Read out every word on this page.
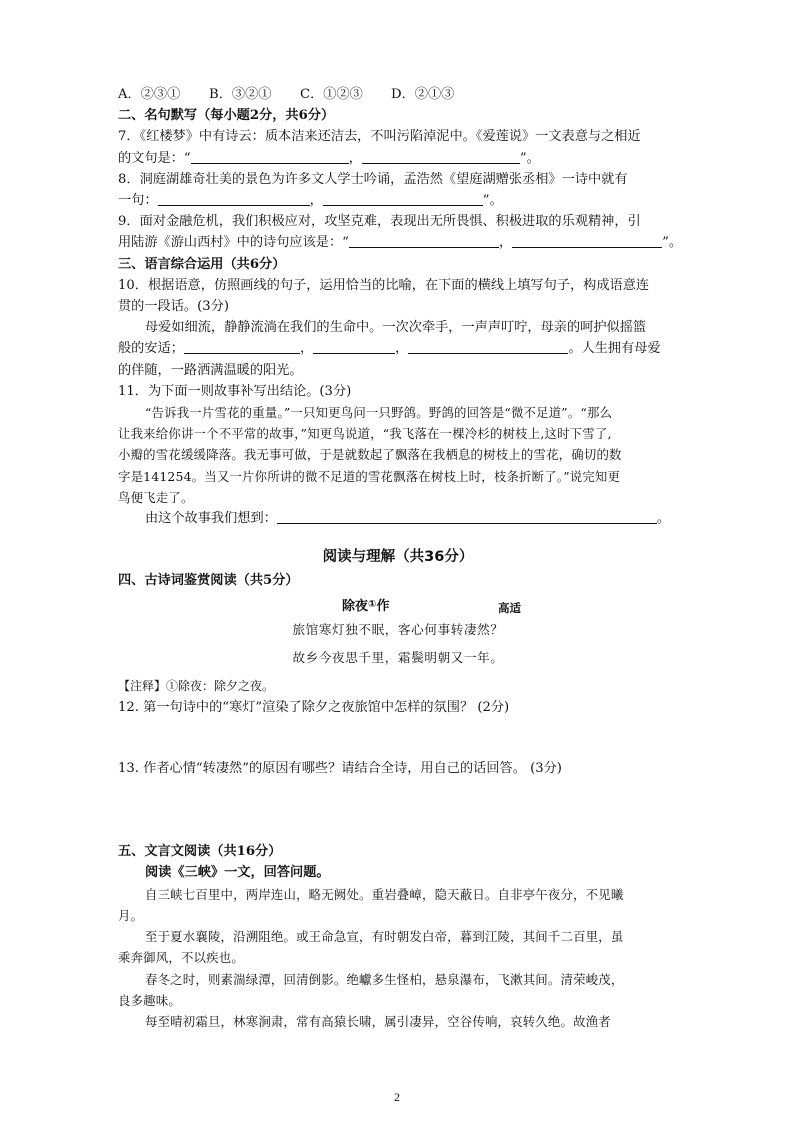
A．②③① B．③②① C．①②③ D．②①③
二、名句默写（每小题2分，共6分）
7．《红楼梦》中有诗云：质本洁来还洁去，不叫污陷淖泥中。《爱莲说》一文表意与之相近
的文句是：“	，	”。
8．洞庭湖雄奇壮美的景色为许多文人学士吟诵，孟浩然《望庭湖赠张丞相》一诗中就有
一句：	，	”。
9．面对金融危机，我们积极应对，攻坚克难，表现出无所畏惧、积极进取的乐观精神，引
用陆游《游山西村》中的诗句应该是：“	，	”。
三、语言综合运用（共6分）
10．根据语意，仿照画线的句子，运用恰当的比喻，在下面的横线上填写句子，构成语意连
贯的一段话。(3分)
母爱如细流，静静流淌在我们的生命中。一次次牵手，一声声叮咛，母亲的呵护似摇篮
般的安适；	，	，	。人生拥有母爱
的伴随，一路洒满温暖的阳光。
11．为下面一则故事补写出结论。(3分)
“告诉我一片雪花的重量。”一只知更鸟问一只野鸽。野鸽的回答是“微不足道”。“那么
让我来给你讲一个不平常的故事，”知更鸟说道，“我飞落在一棵冷杉的树枝上,这时下雪了,
小瓣的雪花缓缓降落。我无事可做，于是就数起了飘落在我栖息的树枝上的雪花，确切的数
字是141254。当又一片你所讲的微不足道的雪花飘落在树枝上时，枝条折断了。”说完知更
鸟便飞走了。
由这个故事我们想到：	。
阅读与理解（共36分）
四、古诗词鉴赏阅读（共5分）
除夜①作	高适
旅馆寒灯独不眠，客心何事转凄然？
故乡今夜思千里，霜鬓明朝又一年。
【注释】①除夜：除夕之夜。
12. 第一句诗中的“寒灯”渲染了除夕之夜旅馆中怎样的氛围？ (2分)
13. 作者心情“转凄然”的原因有哪些？请结合全诗，用自己的话回答。 (3分)
五、文言文阅读（共16分）
阅读《三峡》一文，回答问题。
自三峡七百里中，两岸连山，略无阙处。重岩叠嶂，隐天蔽日。自非亭午夜分，不见曦
月。
至于夏水襄陵，沿溯阻绝。或王命急宣，有时朝发白帝，暮到江陵，其间千二百里，虽
乘奔御风，不以疾也。
春冬之时，则素湍绿潭，回清倒影。绝巘多生怪柏，悬泉瀑布，飞漱其间。清荣峻茂，
良多趣味。
每至晴初霜旦，林寒涧肃，常有高猿长啸，属引凄异，空谷传响，哀转久绝。故渔者
2
